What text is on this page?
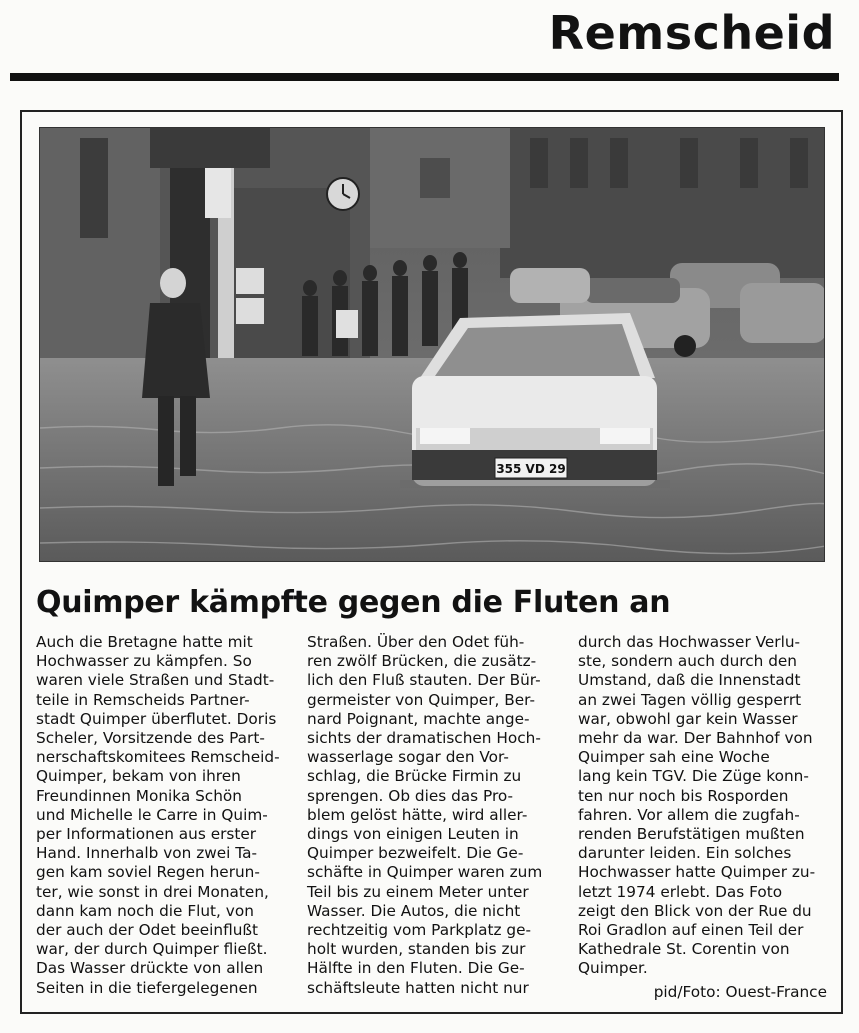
Remscheid
355 VD 29
Quimper kämpfte gegen die Fluten an
Auch die Bretagne hatte mit
Hochwasser zu kämpfen. So
waren viele Straßen und Stadt-
teile in Remscheids Partner-
stadt Quimper überflutet. Doris
Scheler, Vorsitzende des Part-
nerschaftskomitees Remscheid-
Quimper, bekam von ihren
Freundinnen Monika Schön
und Michelle le Carre in Quim-
per Informationen aus erster
Hand. Innerhalb von zwei Ta-
gen kam soviel Regen herun-
ter, wie sonst in drei Monaten,
dann kam noch die Flut, von
der auch der Odet beeinflußt
war, der durch Quimper fließt.
Das Wasser drückte von allen
Seiten in die tiefergelegenen
Straßen. Über den Odet füh-
ren zwölf Brücken, die zusätz-
lich den Fluß stauten. Der Bür-
germeister von Quimper, Ber-
nard Poignant, machte ange-
sichts der dramatischen Hoch-
wasserlage sogar den Vor-
schlag, die Brücke Firmin zu
sprengen. Ob dies das Pro-
blem gelöst hätte, wird aller-
dings von einigen Leuten in
Quimper bezweifelt. Die Ge-
schäfte in Quimper waren zum
Teil bis zu einem Meter unter
Wasser. Die Autos, die nicht
rechtzeitig vom Parkplatz ge-
holt wurden, standen bis zur
Hälfte in den Fluten. Die Ge-
schäftsleute hatten nicht nur
durch das Hochwasser Verlu-
ste, sondern auch durch den
Umstand, daß die Innenstadt
an zwei Tagen völlig gesperrt
war, obwohl gar kein Wasser
mehr da war. Der Bahnhof von
Quimper sah eine Woche
lang kein TGV. Die Züge konn-
ten nur noch bis Rosporden
fahren. Vor allem die zugfah-
renden Berufstätigen mußten
darunter leiden. Ein solches
Hochwasser hatte Quimper zu-
letzt 1974 erlebt. Das Foto
zeigt den Blick von der Rue du
Roi Gradlon auf einen Teil der
Kathedrale St. Corentin von
Quimper.
pid/Foto: Ouest-France
